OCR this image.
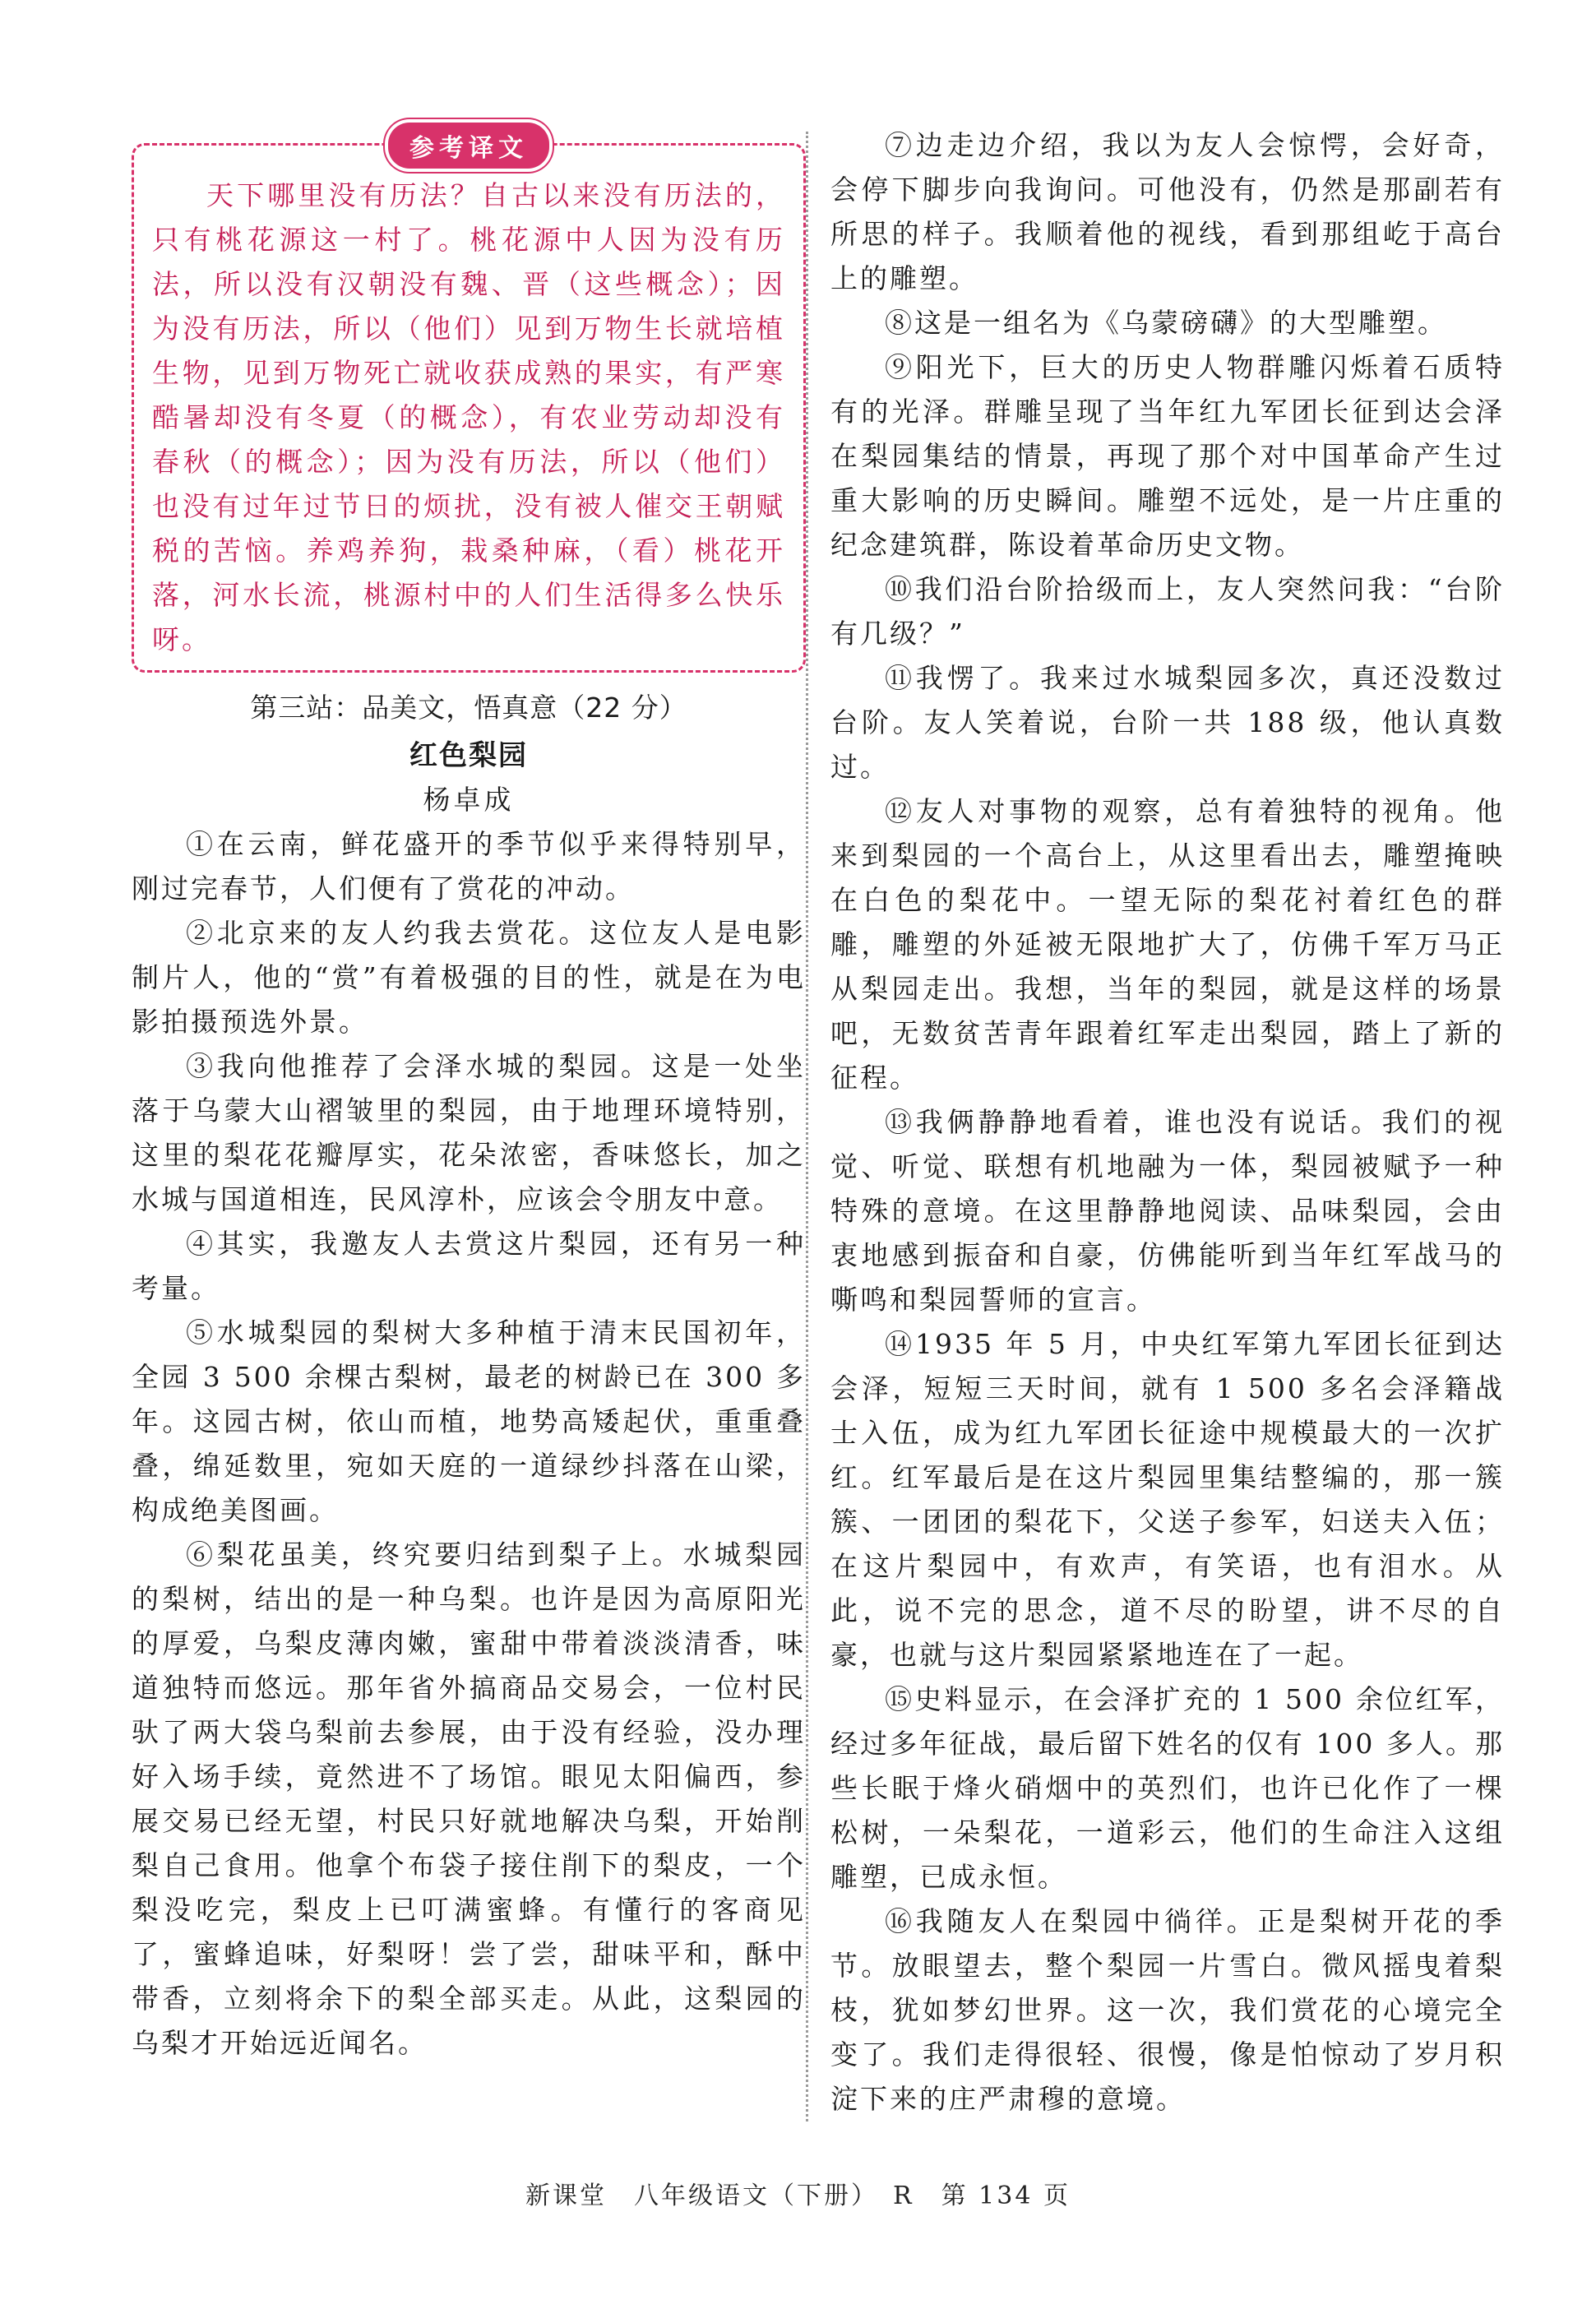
参考译文

天下哪里没有历法？自古以来没有历法的，只有桃花源这一村了。桃花源中人因为没有历法，所以没有汉朝没有魏、晋（这些概念）；因为没有历法，所以（他们）见到万物生长就培植生物，见到万物死亡就收获成熟的果实，有严寒酷暑却没有冬夏（的概念），有农业劳动却没有春秋（的概念）；因为没有历法，所以（他们）也没有过年过节日的烦扰，没有被人催交王朝赋税的苦恼。养鸡养狗，栽桑种麻，（看）桃花开落，河水长流，桃源村中的人们生活得多么快乐呀。

第三站：品美文，悟真意（22 分）
红色梨园
杨卓成

①在云南，鲜花盛开的季节似乎来得特别早，刚过完春节，人们便有了赏花的冲动。

②北京来的友人约我去赏花。这位友人是电影制片人，他的“赏”有着极强的目的性，就是在为电影拍摄预选外景。

③我向他推荐了会泽水城的梨园。这是一处坐落于乌蒙大山褶皱里的梨园，由于地理环境特别，这里的梨花花瓣厚实，花朵浓密，香味悠长，加之水城与国道相连，民风淳朴，应该会令朋友中意。

④其实，我邀友人去赏这片梨园，还有另一种考量。

⑤水城梨园的梨树大多种植于清末民国初年，全园 3 500 余棵古梨树，最老的树龄已在 300 多年。这园古树，依山而植，地势高矮起伏，重重叠叠，绵延数里，宛如天庭的一道绿纱抖落在山梁，构成绝美图画。

⑥梨花虽美，终究要归结到梨子上。水城梨园的梨树，结出的是一种乌梨。也许是因为高原阳光的厚爱，乌梨皮薄肉嫩，蜜甜中带着淡淡清香，味道独特而悠远。那年省外搞商品交易会，一位村民驮了两大袋乌梨前去参展，由于没有经验，没办理好入场手续，竟然进不了场馆。眼见太阳偏西，参展交易已经无望，村民只好就地解决乌梨，开始削梨自己食用。他拿个布袋子接住削下的梨皮，一个梨没吃完，梨皮上已叮满蜜蜂。有懂行的客商见了，蜜蜂追味，好梨呀！尝了尝，甜味平和，酥中带香，立刻将余下的梨全部买走。从此，这梨园的乌梨才开始远近闻名。

⑦边走边介绍，我以为友人会惊愕，会好奇，会停下脚步向我询问。可他没有，仍然是那副若有所思的样子。我顺着他的视线，看到那组屹于高台上的雕塑。

⑧这是一组名为《乌蒙磅礴》的大型雕塑。

⑨阳光下，巨大的历史人物群雕闪烁着石质特有的光泽。群雕呈现了当年红九军团长征到达会泽在梨园集结的情景，再现了那个对中国革命产生过重大影响的历史瞬间。雕塑不远处，是一片庄重的纪念建筑群，陈设着革命历史文物。

⑩我们沿台阶拾级而上，友人突然问我：“台阶有几级？”

⑪我愣了。我来过水城梨园多次，真还没数过台阶。友人笑着说，台阶一共 188 级，他认真数过。

⑫友人对事物的观察，总有着独特的视角。他来到梨园的一个高台上，从这里看出去，雕塑掩映在白色的梨花中。一望无际的梨花衬着红色的群雕，雕塑的外延被无限地扩大了，仿佛千军万马正从梨园走出。我想，当年的梨园，就是这样的场景吧，无数贫苦青年跟着红军走出梨园，踏上了新的征程。

⑬我俩静静地看着，谁也没有说话。我们的视觉、听觉、联想有机地融为一体，梨园被赋予一种特殊的意境。在这里静静地阅读、品味梨园，会由衷地感到振奋和自豪，仿佛能听到当年红军战马的嘶鸣和梨园誓师的宣言。

⑭1935 年 5 月，中央红军第九军团长征到达会泽，短短三天时间，就有 1 500 多名会泽籍战士入伍，成为红九军团长征途中规模最大的一次扩红。红军最后是在这片梨园里集结整编的，那一簇簇、一团团的梨花下，父送子参军，妇送夫入伍；在这片梨园中，有欢声，有笑语，也有泪水。从此，说不完的思念，道不尽的盼望，讲不尽的自豪，也就与这片梨园紧紧地连在了一起。

⑮史料显示，在会泽扩充的 1 500 余位红军，经过多年征战，最后留下姓名的仅有 100 多人。那些长眠于烽火硝烟中的英烈们，也许已化作了一棵松树，一朵梨花，一道彩云，他们的生命注入这组雕塑，已成永恒。

⑯我随友人在梨园中徜徉。正是梨树开花的季节。放眼望去，整个梨园一片雪白。微风摇曳着梨枝，犹如梦幻世界。这一次，我们赏花的心境完全变了。我们走得很轻、很慢，像是怕惊动了岁月积淀下来的庄严肃穆的意境。

新课堂　八年级语文（下册）　R　第 134 页
